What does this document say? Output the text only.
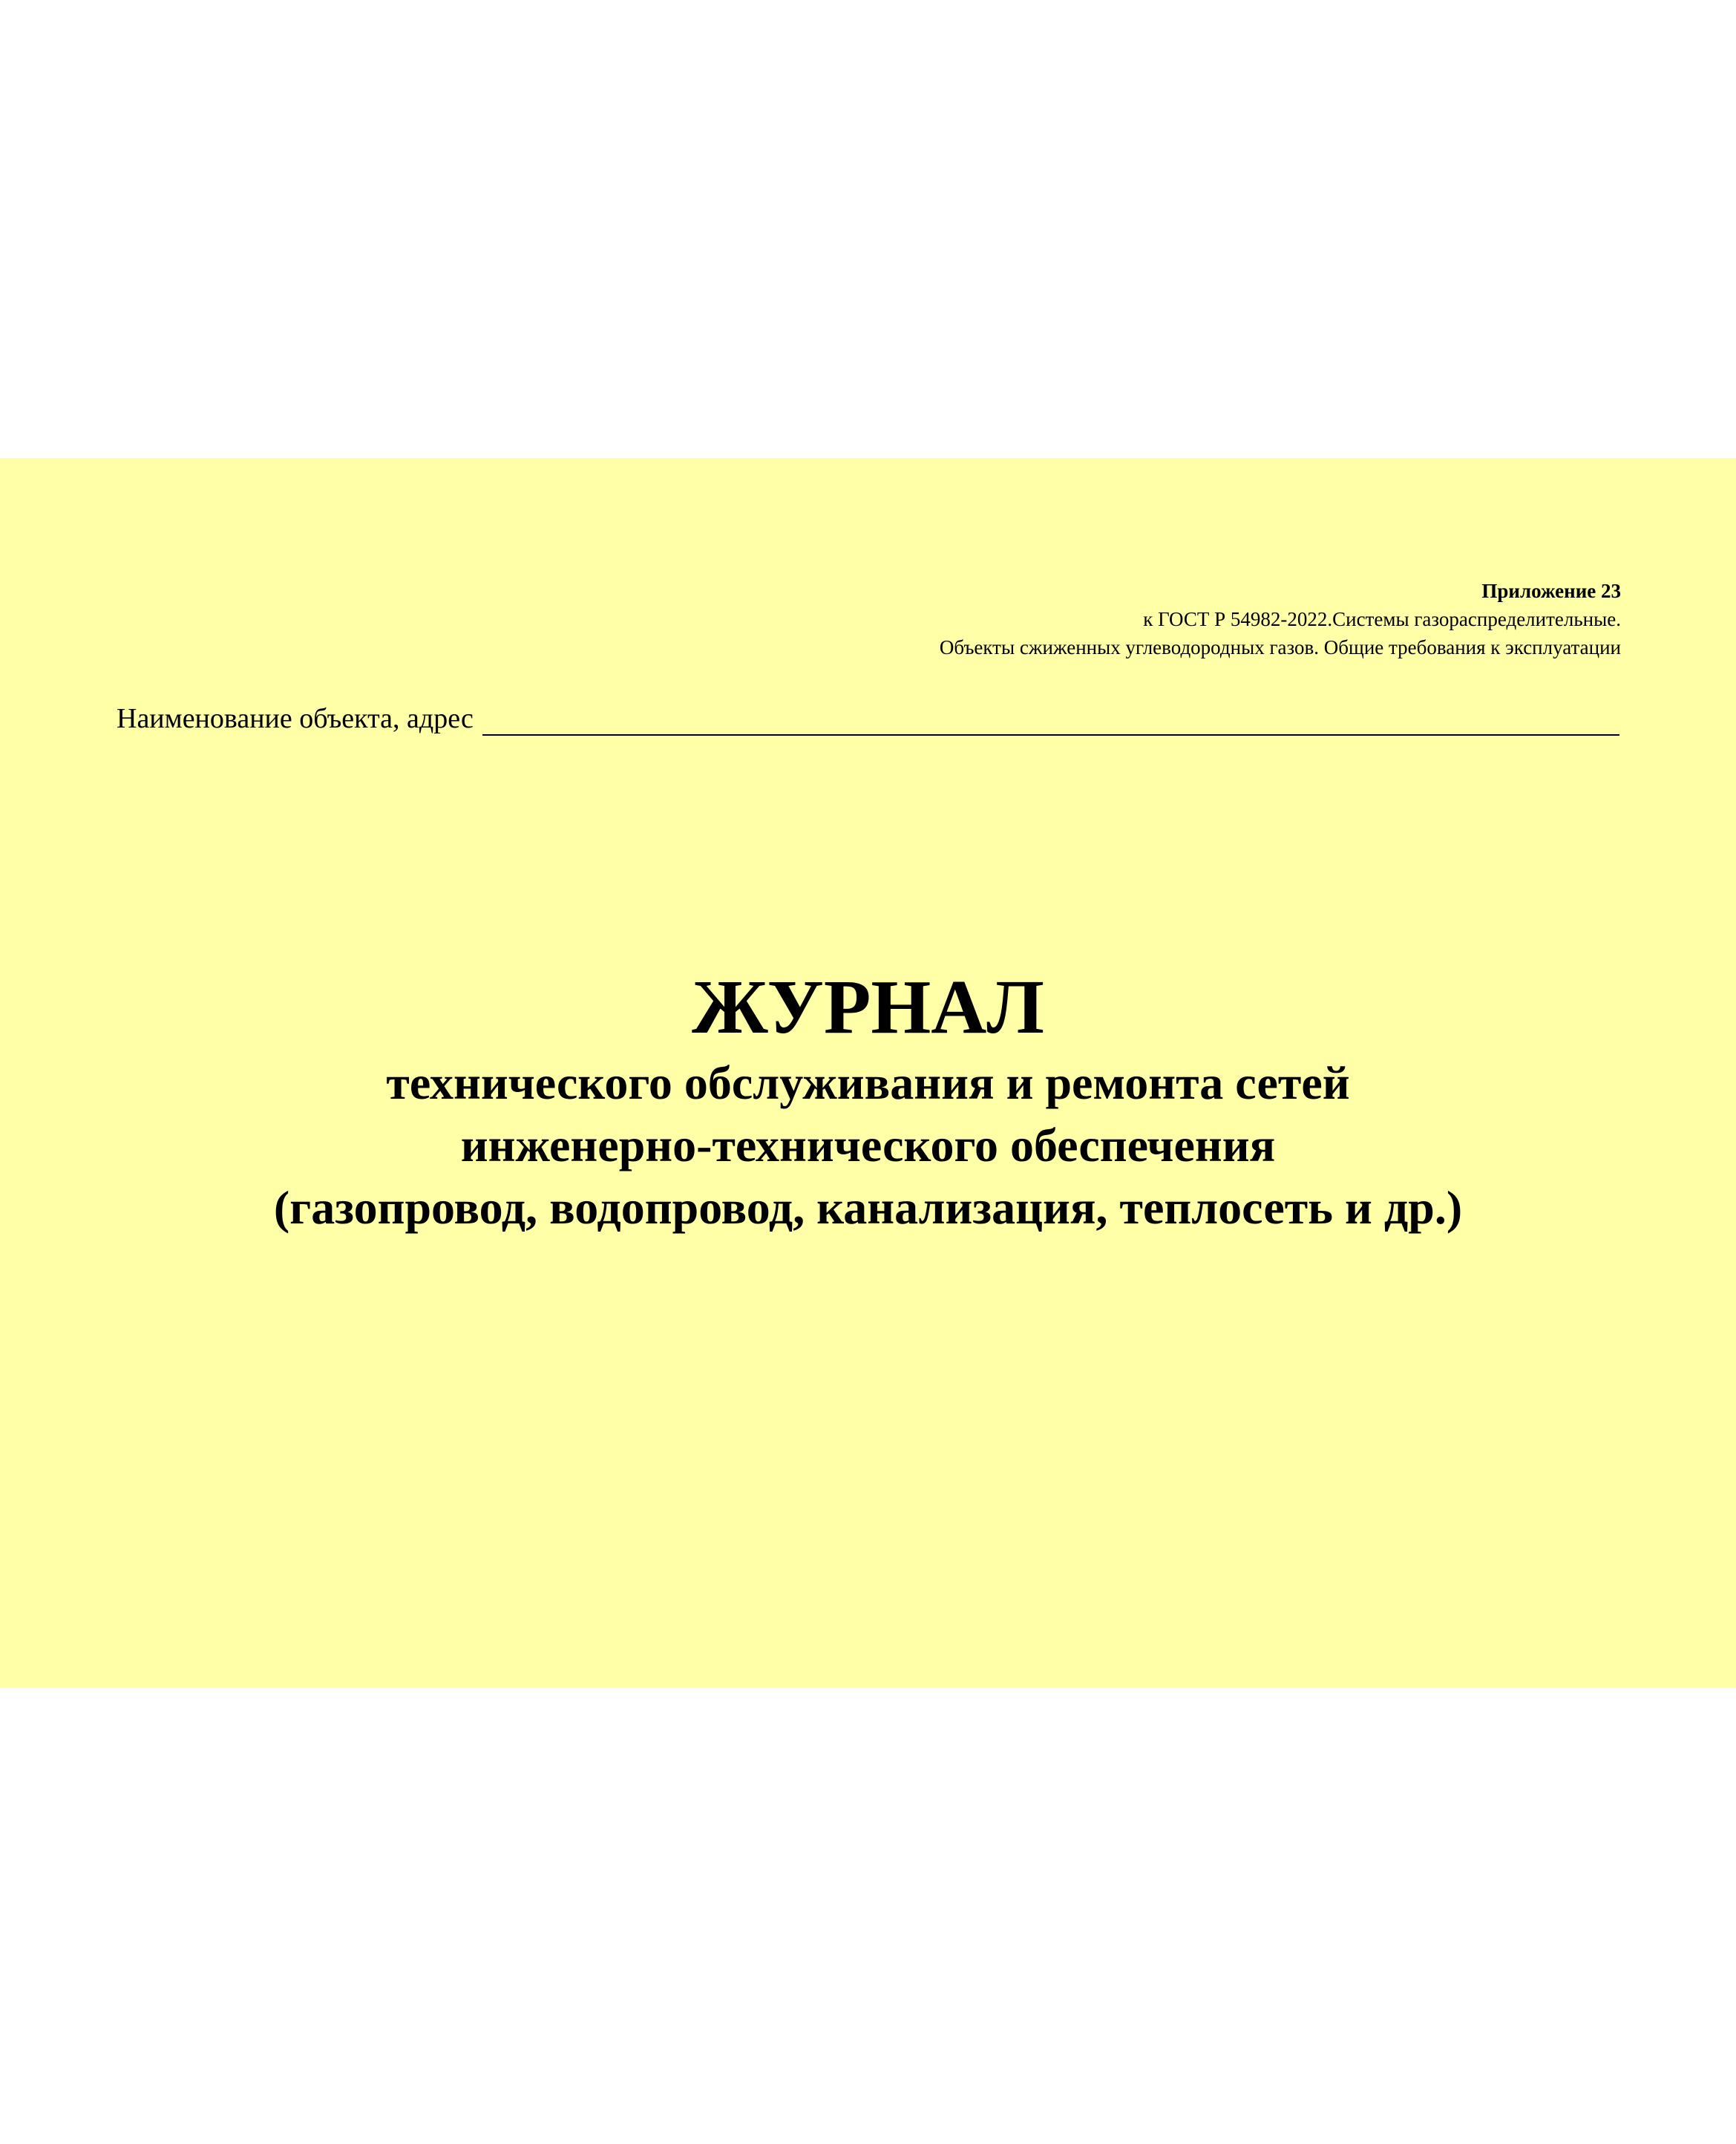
Приложение 23
к ГОСТ Р 54982-2022.Системы газораспределительные.
Объекты сжиженных углеводородных газов. Общие требования к эксплуатации
Наименование объекта, адрес
ЖУРНАЛ
технического обслуживания и ремонта сетей
инженерно-технического обеспечения
(газопровод, водопровод, канализация, теплосеть и др.)
